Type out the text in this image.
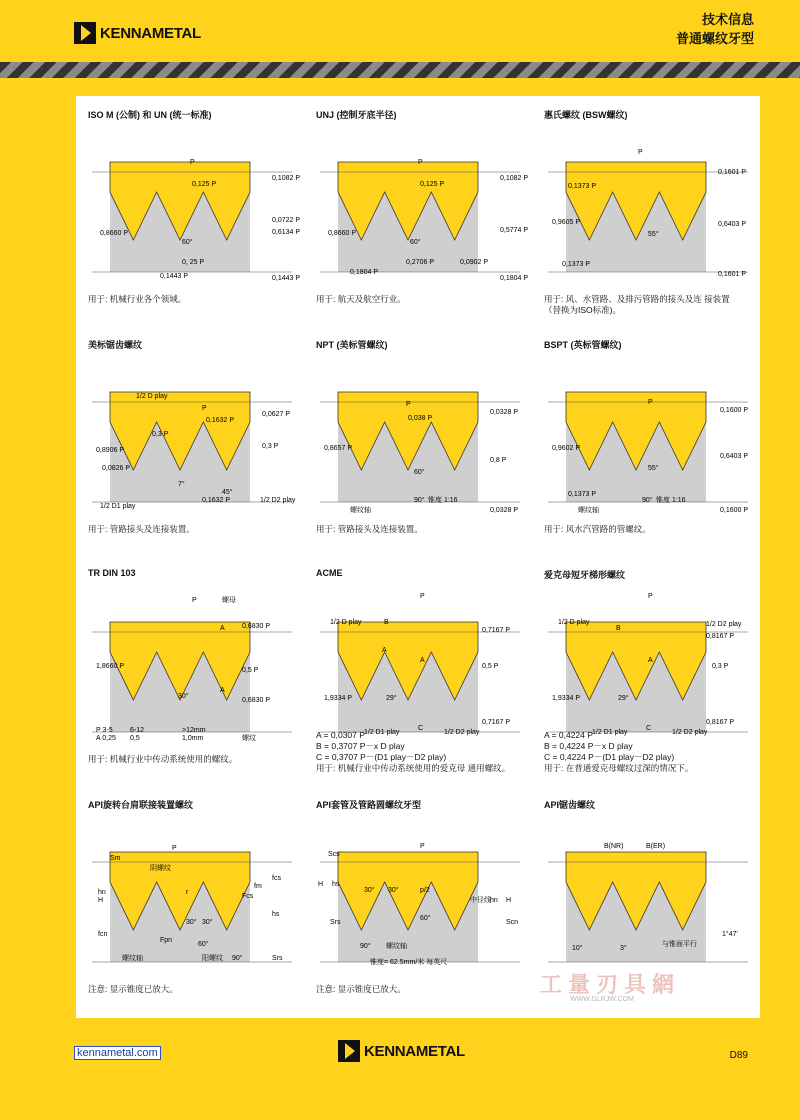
KENNAMETAL
技术信息
普通螺纹牙型
ISO M (公制) 和 UN (统一标准)
P
0,125 P
0,1082 P
0,8660 P
60°
0,0722 P
0,6134 P
0, 25 P
0,1443 P	0,1443 P
用于: 机械行业各个领域。
UNJ (控制牙底半径)
P
0,125 P
0,1082 P
0,8660 P
60°
0,5774 P
0,1804 P
0,2706 P	0,0902 P
0,1804 P
用于: 航天及航空行业。
惠氏螺纹 (BSW螺纹)
P
0,1373 P
0,1601 P
0,9605 P
55°
0,6403 P
0,1373 P
0,1601 P
用于: 风、水管路、及排污管路的接头及连 接装置
（替换为ISO标准)。
美标锯齿螺纹
1/2 D play
P
0,1632 P
0,0627 P
0,3 P
0,8906 P
0,3 P
0,0826 P
7°
45°
1/2 D2 play
1/2 D1 play
0,1632 P
用于: 管路接头及连接装置。
NPT (美标管螺纹)
P
0,038 P
0,0328 P
0,8657 P
60°
0,8 P
螺纹轴
90° 锥度 1:16
0,0328 P
用于: 管路接头及连接装置。
BSPT (英标管螺纹)
P
0,1600 P
0,9602 P
55°
0,6403 P
0,1373 P
螺纹轴
90° 锥度 1:16
0,1600 P
用于: 风水汽管路的管螺纹。
TR DIN 103
P	螺母
A 0,6830 P
1,8660 P
0,5 P
30°
A
0,6830 P
P 3-5 6-12	>12mm
A 0,25 0,5	1,0mm	螺纹
用于: 机械行业中传动系统使用的螺纹。
ACME
P
1/2 D play	B
0,7167 P
A
0,5 P
A
1,9334 P	29°
0,7167 P
1/2 D1 play
C
1/2 D2 play
A = 0,0307 P
B = 0,3707 P－x D play
C = 0,3707 P－(D1 play－D2 play)
用于: 机械行业中传动系统使用的爱克母 通用螺纹。
爱克母短牙梯形螺纹
P
1/2 D play
B
1/2 D2 play
0,8167 P
A
0,3 P
1,9334 P	29°
0,8167 P
1/2 D1 play
C
1/2 D2 play
A = 0,4224 P
B = 0,4224 P－x D play
C = 0,4224 P－(D1 play－D2 play)
用于: 在普通爱克母螺纹过深的情况下。
API旋转台肩联接装置螺纹
P
Sm
阴螺纹
fcs
hn
H
Fcs
r
30° 30°
hs
fcn
Fpn
60°
fm
螺纹轴	阳螺纹 90°	Srs
注意: 显示锥度已放大。
API套管及管路圆螺纹牙型
Scs
P
H hs
30° 30°	p/2
中径线 hn H
Srs
60°
Scn
90° 螺纹轴
锥度= 62.5mm/米 每英尺
注意: 显示锥度已放大。
API锯齿螺纹
B(NR)	B(ER)
1°47'
10°	3°
与锥面平行
工量刃具網
WWW.GLRJW.COM
kennametal.com	KENNAMETAL	D89
